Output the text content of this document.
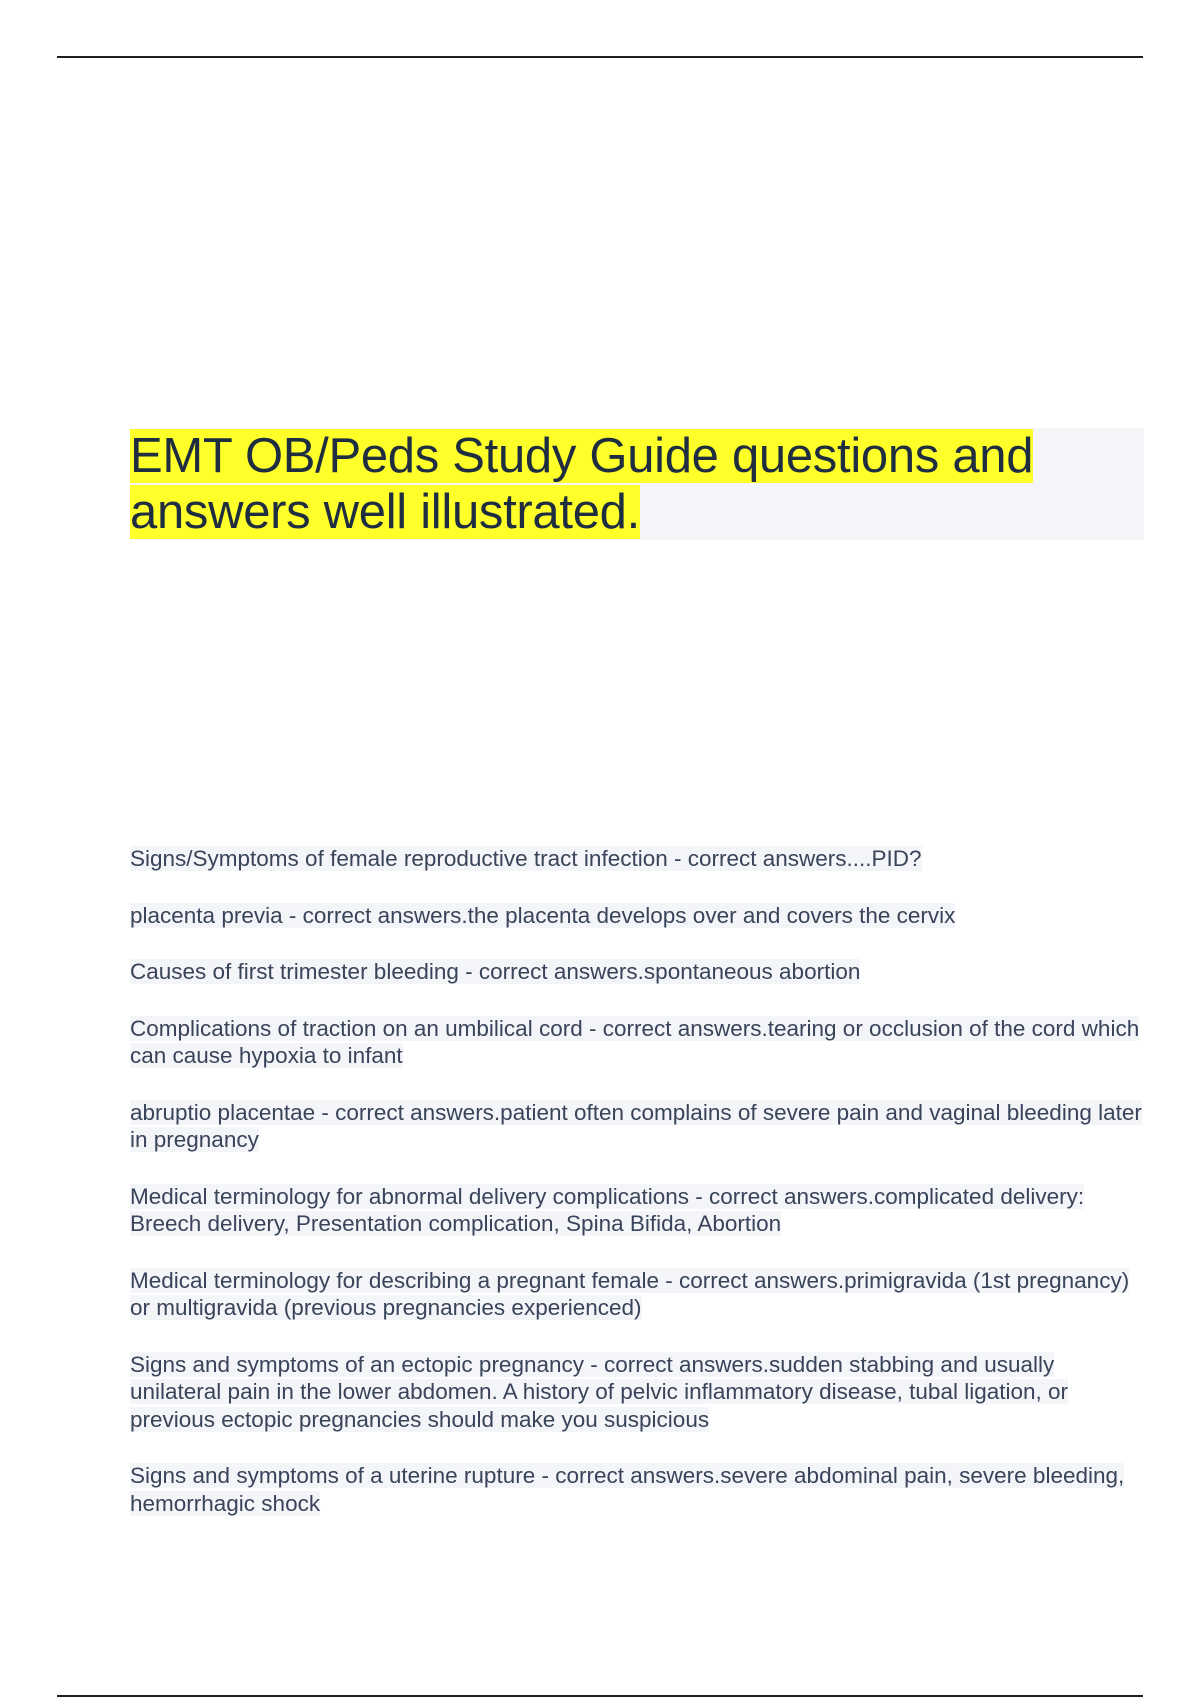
EMT OB/Peds Study Guide questions and
answers well illustrated.
Signs/Symptoms of female reproductive tract infection - correct answers....PID?
placenta previa - correct answers.the placenta develops over and covers the cervix
Causes of first trimester bleeding - correct answers.spontaneous abortion
Complications of traction on an umbilical cord - correct answers.tearing or occlusion of the cord which can cause hypoxia to infant
abruptio placentae - correct answers.patient often complains of severe pain and vaginal bleeding later in pregnancy
Medical terminology for abnormal delivery complications - correct answers.complicated delivery: Breech delivery, Presentation complication, Spina Bifida, Abortion
Medical terminology for describing a pregnant female - correct answers.primigravida (1st pregnancy) or multigravida (previous pregnancies experienced)
Signs and symptoms of an ectopic pregnancy - correct answers.sudden stabbing and usually unilateral pain in the lower abdomen. A history of pelvic inflammatory disease, tubal ligation, or previous ectopic pregnancies should make you suspicious
Signs and symptoms of a uterine rupture - correct answers.severe abdominal pain, severe bleeding, hemorrhagic shock
